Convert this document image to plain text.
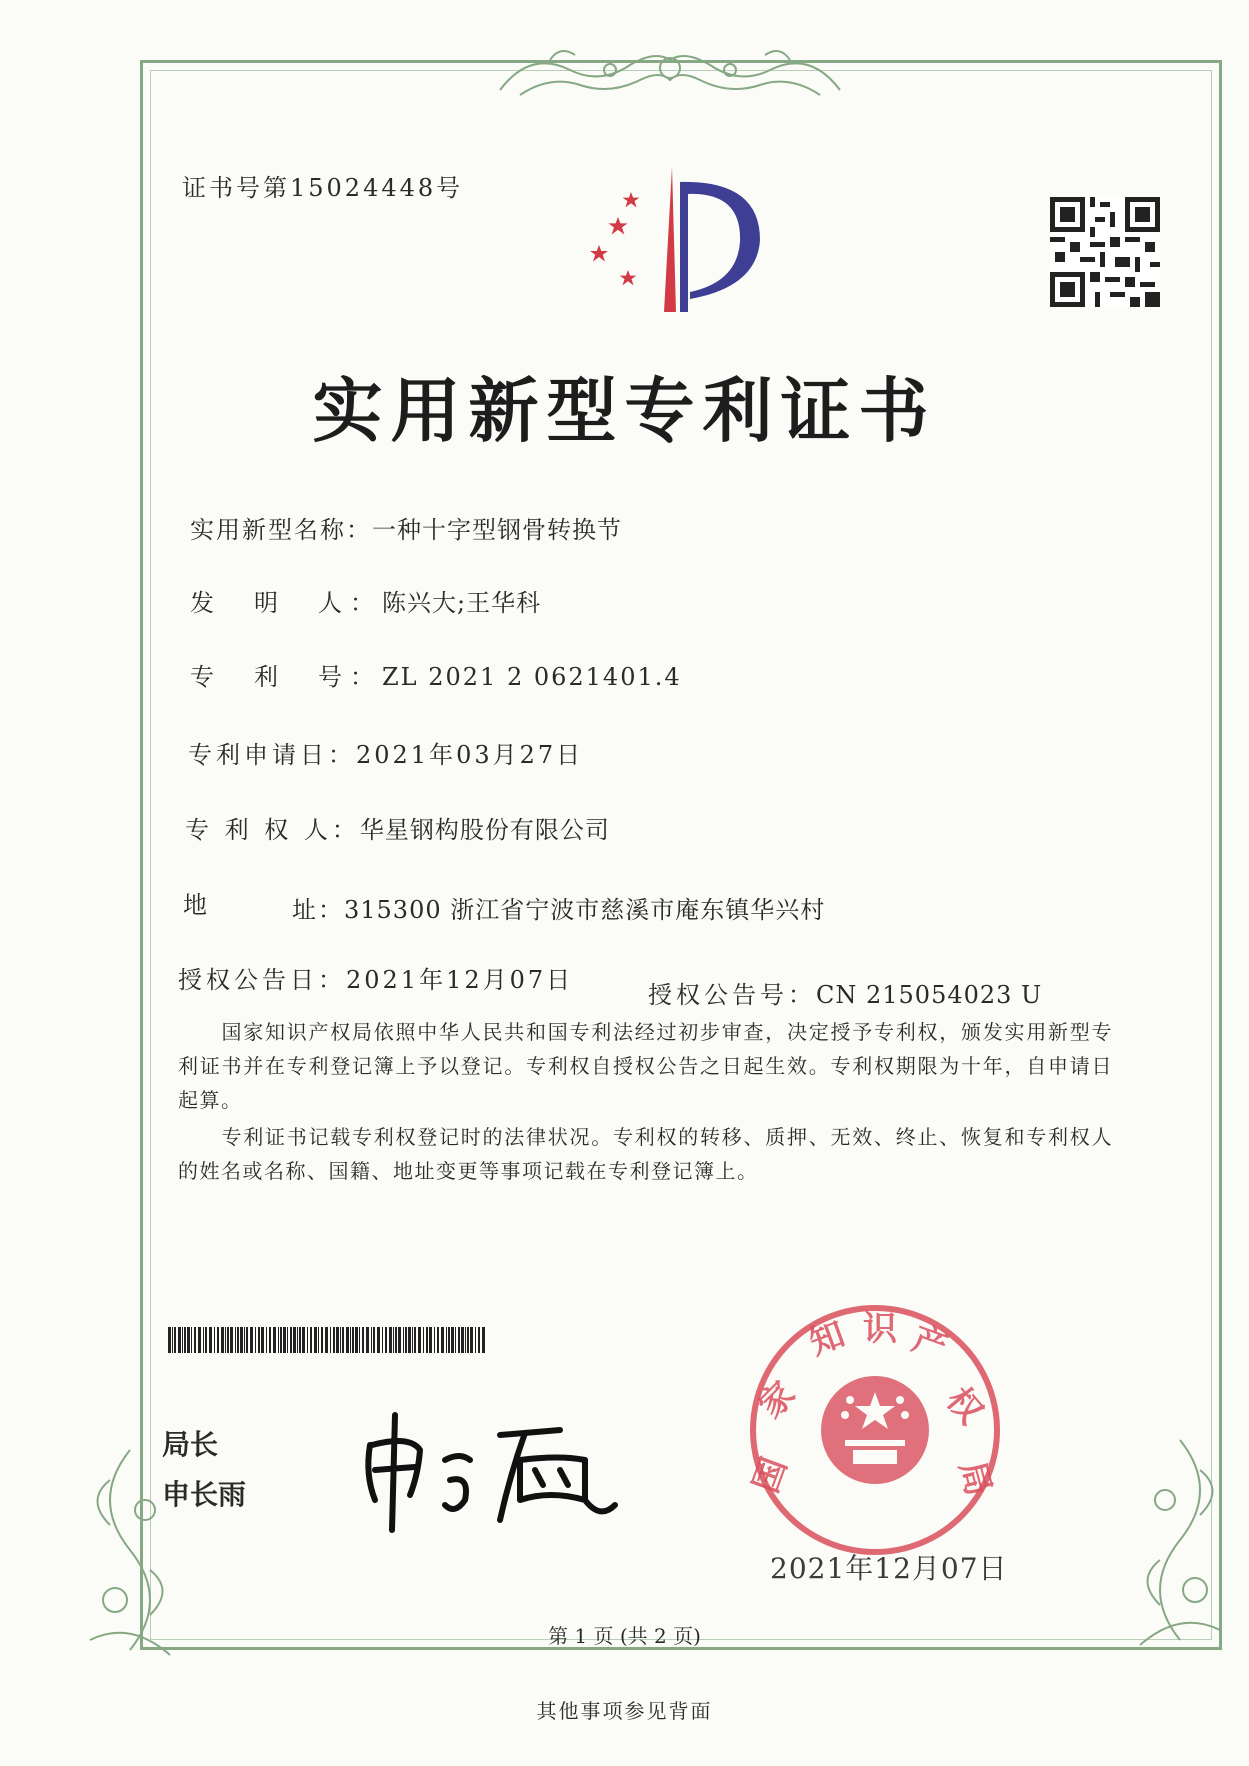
证书号第15024448号
实用新型专利证书
实用新型名称：一种十字型钢骨转换节
发　明　人：陈兴大;王华科
专　利　号：ZL 2021 2 0621401.4
专利申请日：2021年03月27日
专 利 权 人：华星钢构股份有限公司
地	址：315300 浙江省宁波市慈溪市庵东镇华兴村
授权公告日：2021年12月07日
授权公告号：CN 215054023 U
　　国家知识产权局依照中华人民共和国专利法经过初步审查，决定授予专利权，颁发实用新型专利证书并在专利登记簿上予以登记。专利权自授权公告之日起生效。专利权期限为十年，自申请日起算。
　　专利证书记载专利权登记时的法律状况。专利权的转移、质押、无效、终止、恢复和专利权人的姓名或名称、国籍、地址变更等事项记载在专利登记簿上。
局长
申长雨	国
家
知 识 产
权
局
2021年12月07日
第 1 页 (共 2 页)
其他事项参见背面
